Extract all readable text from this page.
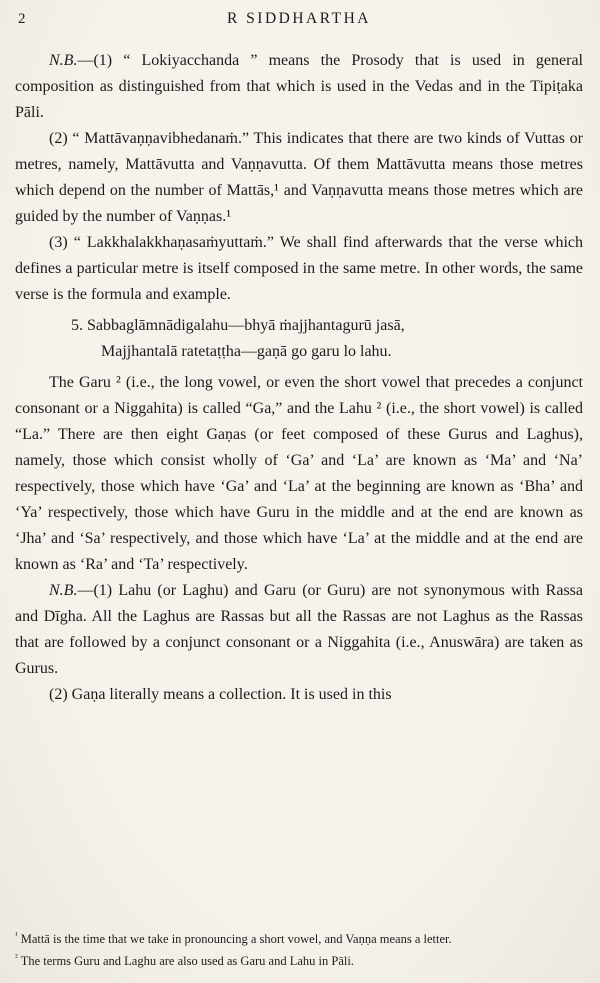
2	R SIDDHARTHA

N.B.—(1) “ Lokiyacchanda ” means the Prosody that is used in general composition as distinguished from that which is used in the Vedas and in the Tipiṭaka Pāli.

(2) “ Mattāvaṇṇavibhedanaṁ.” This indicates that there are two kinds of Vuttas or metres, namely, Mattāvutta and Vaṇṇavutta. Of them Mattāvutta means those metres which depend on the number of Mattās,¹ and Vaṇṇavutta means those metres which are guided by the number of Vaṇṇas.¹

(3) “ Lakkhalakkhaṇasaṁyuttaṁ.” We shall find afterwards that the verse which defines a particular metre is itself composed in the same metre. In other words, the same verse is the formula and example.

5. Sabbaglāmnādigalahu—bhyā ṁajjhantagurū jasā,
Majjhantalā ratetaṭṭha—gaṇā go garu lo lahu.

The Garu ² (i.e., the long vowel, or even the short vowel that precedes a conjunct consonant or a Niggahita) is called “Ga,” and the Lahu ² (i.e., the short vowel) is called “La.” There are then eight Gaṇas (or feet composed of these Gurus and Laghus), namely, those which consist wholly of ‘Ga’ and ‘La’ are known as ‘Ma’ and ‘Na’ respectively, those which have ‘Ga’ and ‘La’ at the beginning are known as ‘Bha’ and ‘Ya’ respectively, those which have Guru in the middle and at the end are known as ‘Jha’ and ‘Sa’ respectively, and those which have ‘La’ at the middle and at the end are known as ‘Ra’ and ‘Ta’ respectively.

N.B.—(1) Lahu (or Laghu) and Garu (or Guru) are not synonymous with Rassa and Dīgha. All the Laghus are Rassas but all the Rassas are not Laghus as the Rassas that are followed by a conjunct consonant or a Niggahita (i.e., Anuswāra) are taken as Gurus.

(2) Gaṇa literally means a collection. It is used in this

$^{^1}$ Mattā is the time that we take in pronouncing a short vowel, and Vaṇṇa means a letter.

$^{^2}$ The terms Guru and Laghu are also used as Garu and Lahu in Pāli.
